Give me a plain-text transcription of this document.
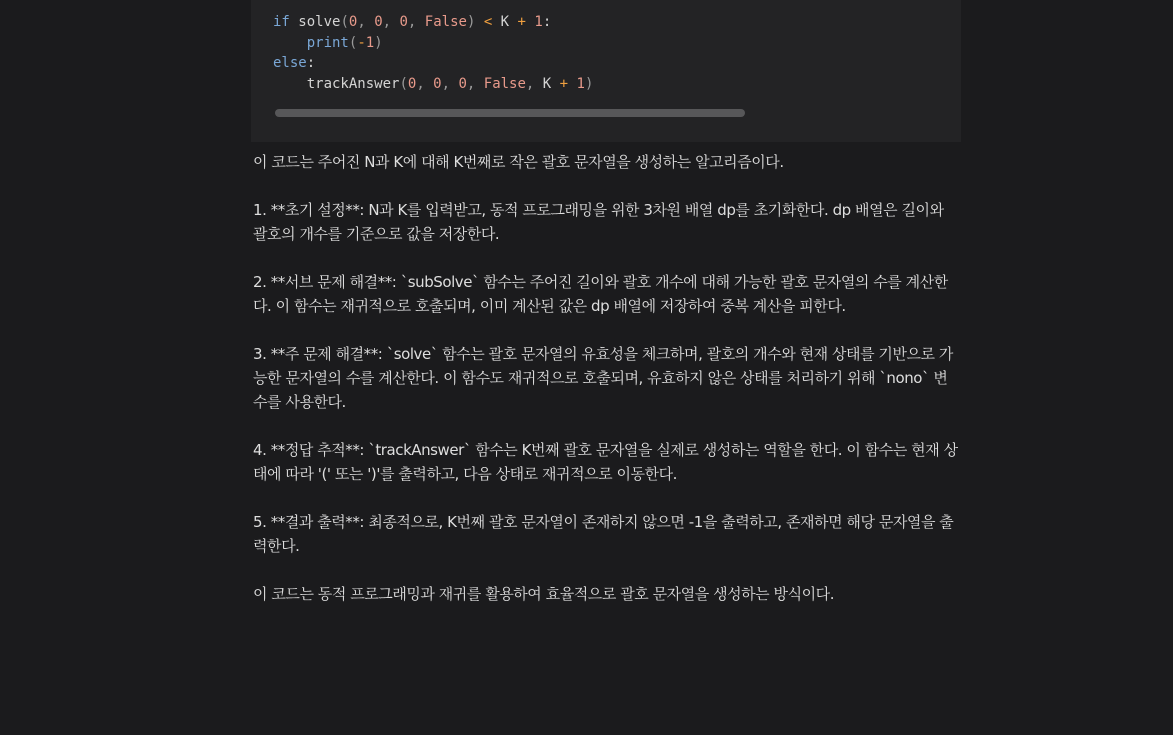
if solve(0, 0, 0, False) < K + 1:
print(-1)
else:
trackAnswer(0, 0, 0, False, K + 1)

이 코드는 주어진 N과 K에 대해 K번째로 작은 괄호 문자열을 생성하는 알고리즘이다.

1. **초기 설정**: N과 K를 입력받고, 동적 프로그래밍을 위한 3차원 배열 dp를 초기화한다. dp 배열은 길이와 괄호의 개수를 기준으로 값을 저장한다.

2. **서브 문제 해결**: `subSolve` 함수는 주어진 길이와 괄호 개수에 대해 가능한 괄호 문자열의 수를 계산한다. 이 함수는 재귀적으로 호출되며, 이미 계산된 값은 dp 배열에 저장하여 중복 계산을 피한다.

3. **주 문제 해결**: `solve` 함수는 괄호 문자열의 유효성을 체크하며, 괄호의 개수와 현재 상태를 기반으로 가능한 문자열의 수를 계산한다. 이 함수도 재귀적으로 호출되며, 유효하지 않은 상태를 처리하기 위해 `nono` 변수를 사용한다.

4. **정답 추적**: `trackAnswer` 함수는 K번째 괄호 문자열을 실제로 생성하는 역할을 한다. 이 함수는 현재 상태에 따라 '(' 또는 ')'를 출력하고, 다음 상태로 재귀적으로 이동한다.

5. **결과 출력**: 최종적으로, K번째 괄호 문자열이 존재하지 않으면 -1을 출력하고, 존재하면 해당 문자열을 출력한다.

이 코드는 동적 프로그래밍과 재귀를 활용하여 효율적으로 괄호 문자열을 생성하는 방식이다.
